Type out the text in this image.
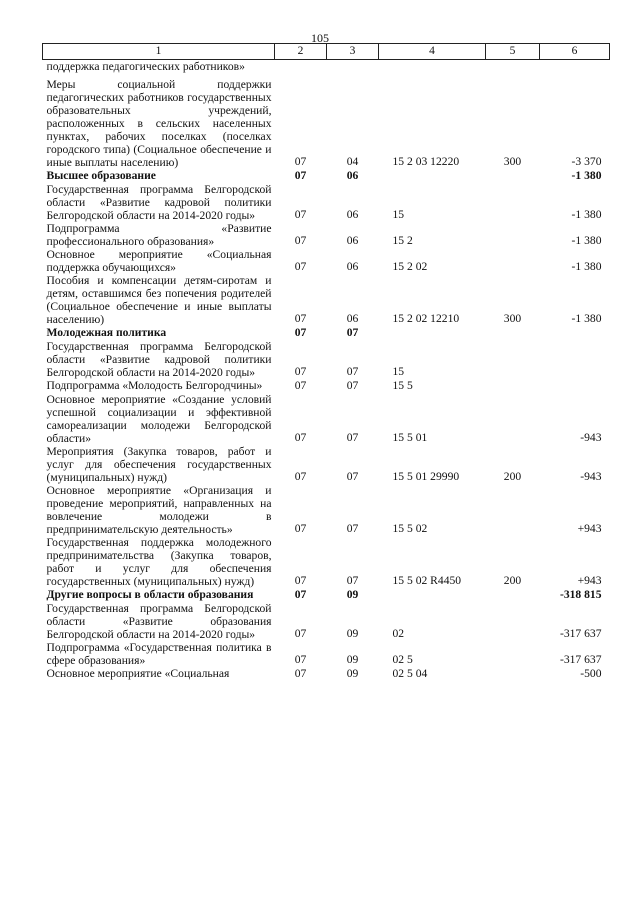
105
1	2	3	4	5	6
поддержка педагогических работников»					
Меры социальной поддержки педагогических работников государственных образовательных учреждений, расположенных в сельских населенных пунктах, рабочих поселках (поселках городского типа) (Социальное обеспечение и иные выплаты населению)	07	04	15 2 03 12220	300	-3 370
Высшее образование	07	06			-1 380
Государственная программа Белгородской области «Развитие кадровой политики Белгородской области на 2014-2020 годы»	07	06	15		-1 380
Подпрограмма «Развитие профессионального образования»	07	06	15 2		-1 380
Основное мероприятие «Социальная поддержка обучающихся»	07	06	15 2 02		-1 380
Пособия и компенсации детям-сиротам и детям, оставшимся без попечения родителей (Социальное обеспечение и иные выплаты населению)	07	06	15 2 02 12210	300	-1 380
Молодежная политика	07	07			
Государственная программа Белгородской области «Развитие кадровой политики Белгородской области на 2014-2020 годы»	07	07	15		
Подпрограмма «Молодость Белгородчины»	07	07	15 5		
Основное мероприятие «Создание условий успешной социализации и эффективной самореализации молодежи Белгородской области»	07	07	15 5 01		-943
Мероприятия (Закупка товаров, работ и услуг для обеспечения государственных (муниципальных) нужд)	07	07	15 5 01 29990	200	-943
Основное мероприятие «Организация и проведение мероприятий, направленных на вовлечение молодежи в предпринимательскую деятельность»	07	07	15 5 02		+943
Государственная поддержка молодежного предпринимательства (Закупка товаров, работ и услуг для обеспечения государственных (муниципальных) нужд)	07	07	15 5 02 R4450	200	+943
Другие вопросы в области образования	07	09			-318 815
Государственная программа Белгородской области «Развитие образования Белгородской области на 2014-2020 годы»	07	09	02		-317 637
Подпрограмма «Государственная политика в сфере образования»	07	09	02 5		-317 637
Основное мероприятие «Социальная	07	09	02 5 04		-500
